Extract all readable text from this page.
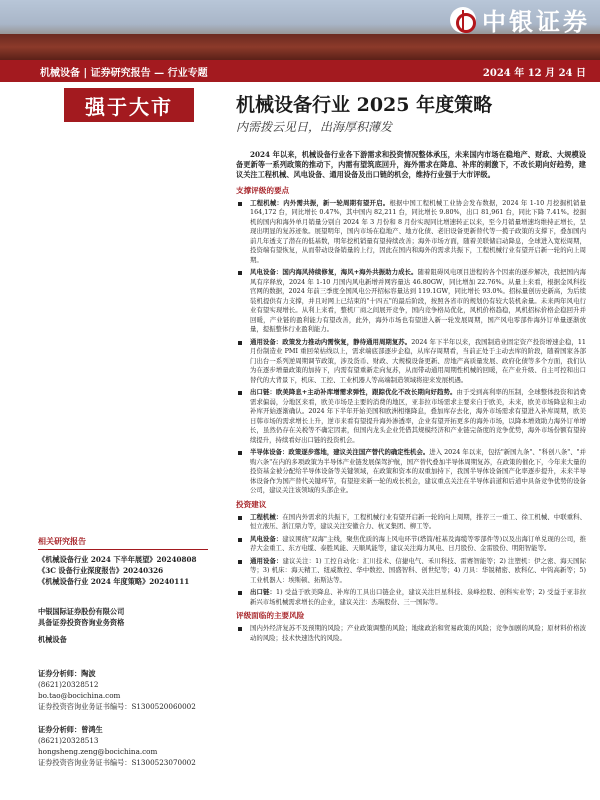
中银证券
机械设备 | 证券研究报告 — 行业专题	2024 年 12 月 24 日
强于大市	机械设备行业 2025 年度策略
内需拨云见日，出海厚积薄发

2024 年以来，机械设备行业各下游需求和投资情况整体承压，未来国内市场在稳地产、财政、大规模设备更新等一系列政策的推动下，内需有望筑底回升，海外需求在降息、补库的刺激下，不改长期向好趋势，建议关注工程机械、风电设备、通用设备及出口链的机会，维持行业强于大市评级。

支撑评级的要点
工程机械：内外需共振，新一轮周期有望开启。根据中国工程机械工业协会发布数据，2024 年 1-10 月挖掘机销量 164,172 台，同比增长 0.47%，其中国内 82,211 台，同比增长 9.80%，出口 81,961 台，同比下降 7.41%。挖掘机的国内和海外单月销量分别自 2024 年 3 月份和 8 月份实现同比增速转正以来，至今月销量增速均维持正增长，呈现出明显的复苏迹象。展望明年，国内市场在稳地产、地方化债、老旧设备更新替代等一揽子政策的支撑下，叠加国内前几年透支了潜在的低基数，明年挖机销量有望持续改善；海外市场方面，随着美联储启动降息，全球进入宽松周期，投资端有望恢复，从而带动设备销量的上行，因此在国内和海外的需求共振下，工程机械行业有望开启新一轮的向上周期。
风电设备：国内海风持续修复，海风+海外共振助力成长。随着阻碍风电项目进程的各个因素的逐步解决，我把国内海风有序释放，2024 年 1-10 月国内风电新增并网容量达 46.80GW，同比增加 22.76%。从量上来看，根据金风科技官网的数据，2024 年前三季度全国风电公开招标容量达到 119.1GW，同比增长 93.0%。招标量创历史新高，为后续装机提供有力支撑，并且对网上已结束的"十四五"的最后阶段，按照各省市的规划仍有较大装机余量。未来两年风电行业有望实现增长。从利上来看，整机厂商之间展开竞争，国内竞争格局优化，风机价格趋稳，风机招标价格企稳回升并回暖，产业链的盈利能力有望改善，此外，海外市场也有望进入新一轮发展周期，国产风电零部件海外订单量逐渐放量，提振整体行业盈利能力。
通用设备：政策发力推动内需恢复，静待通用周期复苏。2024 年下半年以来，我国制造业固定资产投资增速企稳，11 月份制造业 PMI 重回荣枯线以上，需求端底部逐步企稳，从库存周期看，当前正处于主动去库的阶段，随着国家各部门出台一系列逆周期调节政策，涉及货币、财政、大规模设备更新、房地产高质量发展、政府化债等多个方面，我们认为在逐步增量政策的加持下，内需有望重新走向复苏，从而带动通用周期性机械的回暖，在产业升级、自主可控和出口替代的大背景下，机床、工控、工业机器人等高端制造领域将迎来发展机遇。
出口链：欧美降息+主动补库增需求弹性，跟踪优化不改长期向好趋势。由于受到高利率的压制，全球整体投资和消费需求偏弱，分地区来看，欧美市场是主要的消费的地区，亚非拉市场需求主要来自于欧美，未来，欧美市场降息和主动补库开始逐渐确认。2024 年下半年开始美国和欧洲相继降息，叠加库存去化，海外市场需求有望进入补库周期，欧美日韩市场的需求增长上升，逆市来看有望提升海外渗透率，企业有望开拓更多的海外市场，以降本增效助力海外订单增长，虽然仍存在关税等不确定因素，但国内龙头企业凭借其规模经济和产业链完备度的竞争优势，海外市场份额有望持续提升，持续看好出口链的投资机会。
半导体设备：政策逐步落地，建议关注国产替代的确定性机会。进入 2024 年以来，包括"新国九条"、"科创八条"、"并购六条"在内的多项政策为半导体产业链发展保驾护航，国产替代叠加半导体周期复苏，在政策的催化下，今年来大量的投资基金被分配给半导体设备等关键领域，在政策和资本的双重加持下，我国半导体设备国产化率逐步提升，未来半导体设备作为国产替代关键环节，有望迎来新一轮的成长机会，建议重点关注在半导体前道和后道中具备竞争优势的设备公司，建议关注该领域的头部企业。
投资建议
工程机械：在国内外需求的共振下，工程机械行业有望开启新一轮的向上周期，推荐三一重工、徐工机械、中联重科、恒立液压、浙江鼎力等，建议关注安徽合力、杭叉集团、柳工等。
风电设备：建议围绕"双海"主线，聚焦优质的海上风电环节(塔筒/桩基及海缆等零部件等)以及出海订单兑现的公司，推荐大金重工、东方电缆、泰胜风能、天顺风能等，建议关注海力风电、日月股份、金雷股份、明阳智能等。
通用设备：建议关注：1) 工控自动化：汇川技术、信捷电气、禾川科技、雷赛智能等；2) 注塑机：伊之密、海天国际等；3) 机床：海天精工、纽威数控、华中数控、国盛智科、创世纪等；4) 刀具：华锐精密、欧科亿、中钨高新等；5) 工业机器人：埃斯顿、拓斯达等。
出口链：1) 受益于欧美降息、补库的工具出口链企业，建议关注巨星科技、泉峰控股、创科实业等；2) 受益于亚非拉新兴市场机械需求增长的企业，建议关注：杰瑞股份、三一国际等。
评级面临的主要风险
国内外经济复苏不及预期的风险；产业政策调整的风险；地缘政治和贸易政策的风险；竞争加剧的风险；原材料价格波动的风险；技术快速迭代的风险。
相关研究报告
《机械设备行业 2024 下半年展望》20240808
《3C 设备行业深度报告》20240326
《机械设备行业 2024 年度策略》20240111
中银国际证券股份有限公司
具备证券投资咨询业务资格
机械设备
证券分析师：陶波
(8621)20328512
bo.tao@bocichina.com
证券投资咨询业务证书编号：S1300520060002
证券分析师：曾鸿生
(8621)20328513
hongsheng.zeng@bocichina.com
证券投资咨询业务证书编号：S1300523070002
